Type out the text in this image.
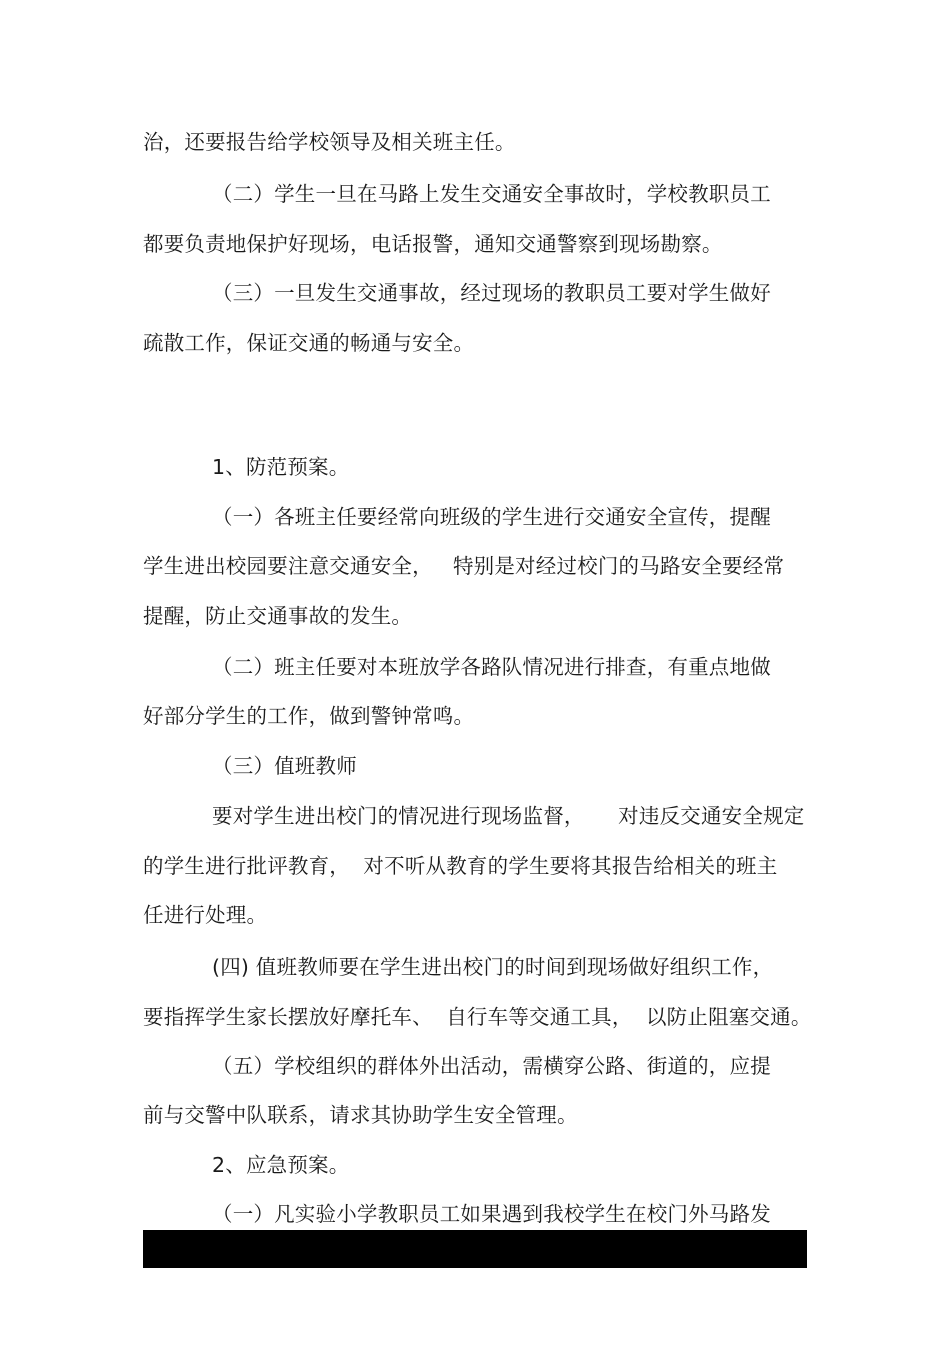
治，还要报告给学校领导及相关班主任。
（二）学生一旦在马路上发生交通安全事故时，学校教职员工
都要负责地保护好现场，电话报警，通知交通警察到现场勘察。
（三）一旦发生交通事故，经过现场的教职员工要对学生做好
疏散工作，保证交通的畅通与安全。
1、防范预案。
（一）各班主任要经常向班级的学生进行交通安全宣传，提醒
学生进出校园要注意交通安全，   特别是对经过校门的马路安全要经常
提醒，防止交通事故的发生。
（二）班主任要对本班放学各路队情况进行排查，有重点地做
好部分学生的工作，做到警钟常鸣。
（三）值班教师
要对学生进出校门的情况进行现场监督，     对违反交通安全规定
的学生进行批评教育，  对不听从教育的学生要将其报告给相关的班主
任进行处理。
(四) 值班教师要在学生进出校门的时间到现场做好组织工作，
要指挥学生家长摆放好摩托车、  自行车等交通工具，  以防止阻塞交通。
（五）学校组织的群体外出活动，需横穿公路、街道的，应提
前与交警中队联系，请求其协助学生安全管理。
2、应急预案。
（一）凡实验小学教职员工如果遇到我校学生在校门外马路发
